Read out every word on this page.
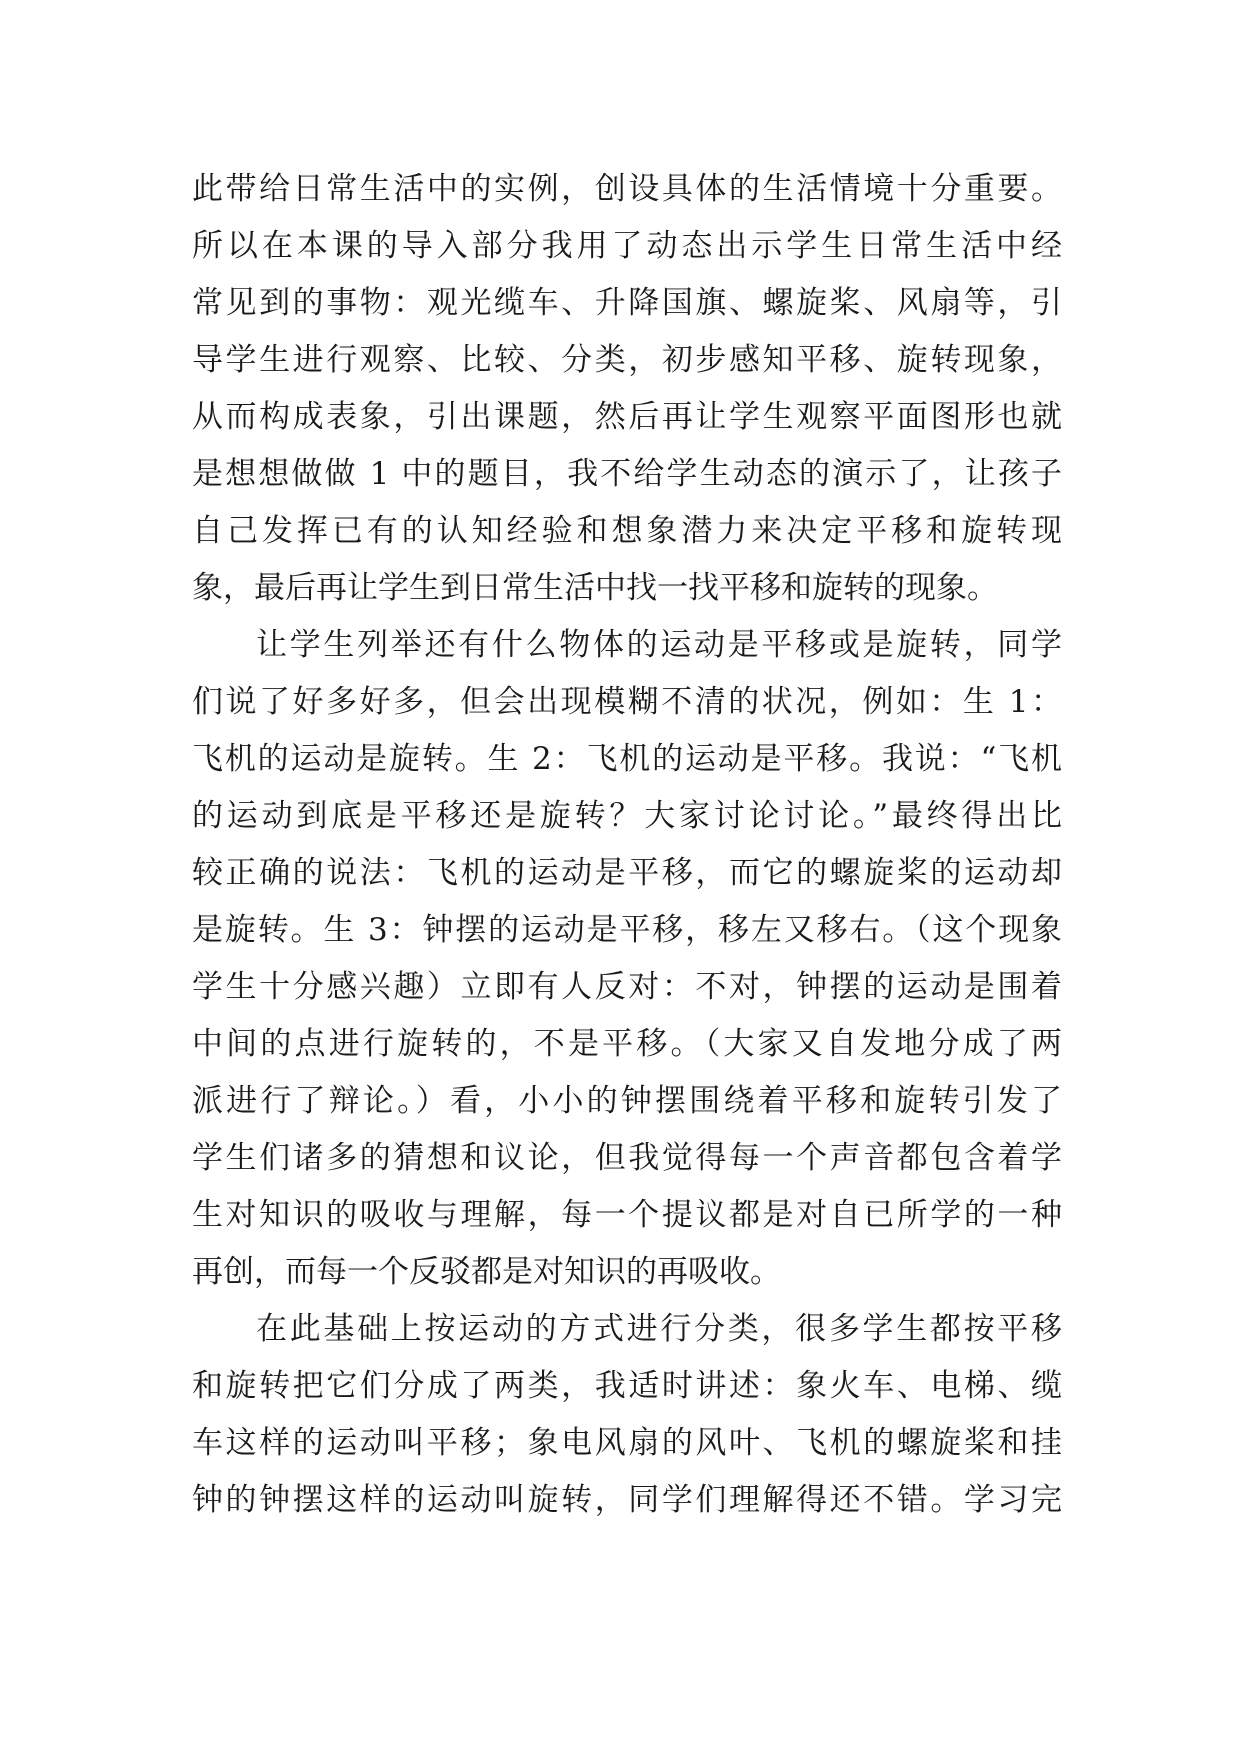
此带给日常生活中的实例，创设具体的生活情境十分重要。
所以在本课的导入部分我用了动态出示学生日常生活中经
常见到的事物：观光缆车、升降国旗、螺旋桨、风扇等，引
导学生进行观察、比较、分类，初步感知平移、旋转现象，
从而构成表象，引出课题，然后再让学生观察平面图形也就
是想想做做 1 中的题目，我不给学生动态的演示了，让孩子
自己发挥已有的认知经验和想象潜力来决定平移和旋转现
象，最后再让学生到日常生活中找一找平移和旋转的现象。
让学生列举还有什么物体的运动是平移或是旋转，同学
们说了好多好多，但会出现模糊不清的状况，例如：生 1：
飞机的运动是旋转。生 2：飞机的运动是平移。我说：“飞机
的运动到底是平移还是旋转？大家讨论讨论。”最终得出比
较正确的说法：飞机的运动是平移，而它的螺旋桨的运动却
是旋转。生 3：钟摆的运动是平移，移左又移右。（这个现象
学生十分感兴趣）立即有人反对：不对，钟摆的运动是围着
中间的点进行旋转的，不是平移。（大家又自发地分成了两
派进行了辩论。）看，小小的钟摆围绕着平移和旋转引发了
学生们诸多的猜想和议论，但我觉得每一个声音都包含着学
生对知识的吸收与理解，每一个提议都是对自已所学的一种
再创，而每一个反驳都是对知识的再吸收。
在此基础上按运动的方式进行分类，很多学生都按平移
和旋转把它们分成了两类，我适时讲述：象火车、电梯、缆
车这样的运动叫平移；象电风扇的风叶、飞机的螺旋桨和挂
钟的钟摆这样的运动叫旋转，同学们理解得还不错。学习完
